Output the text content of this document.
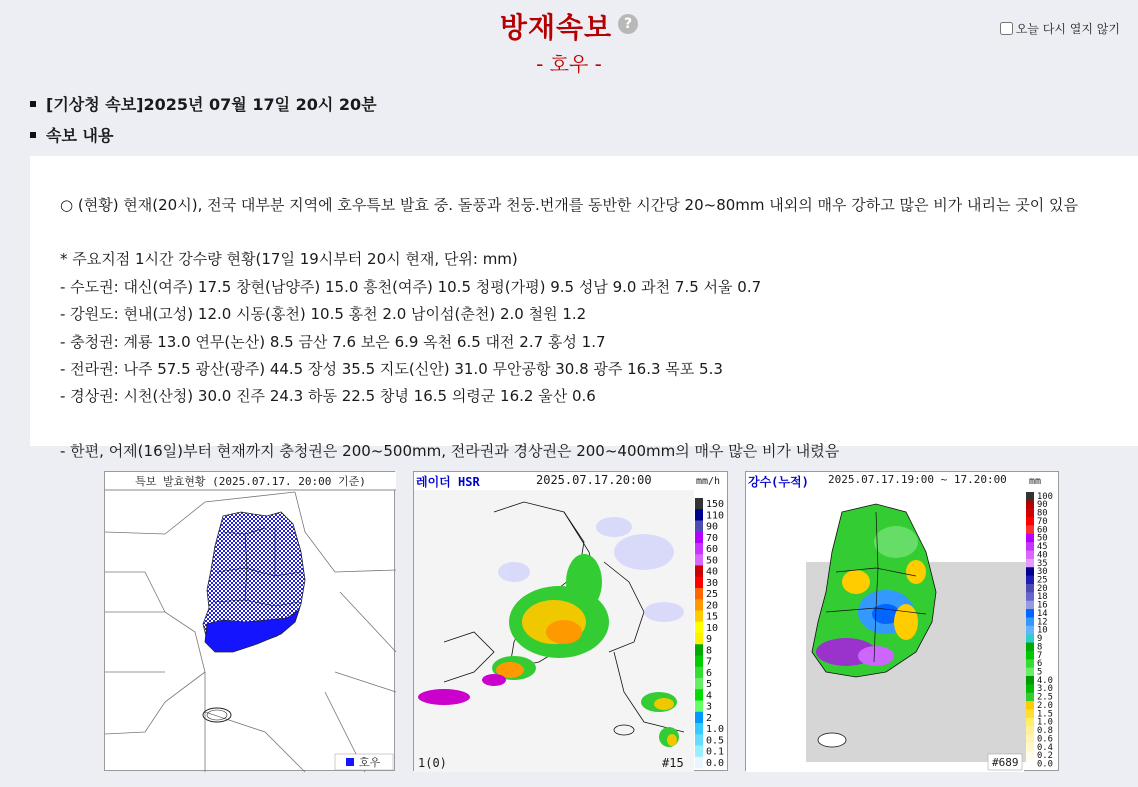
방재속보 ?
- 호우 -
오늘 다시 열지 않기
[기상청 속보]2025년 07월 17일 20시 20분
속보 내용

○ (현황) 현재(20시), 전국 대부분 지역에 호우특보 발효 중. 돌풍과 천둥.번개를 동반한 시간당 20~80mm 내외의 매우 강하고 많은 비가 내리는 곳이 있음

* 주요지점 1시간 강수량 현황(17일 19시부터 20시 현재, 단위: mm)

- 수도권: 대신(여주) 17.5 창현(남양주) 15.0 흥천(여주) 10.5 청평(가평) 9.5 성남 9.0 과천 7.5 서울 0.7

- 강원도: 현내(고성) 12.0 시동(홍천) 10.5 홍천 2.0 남이섬(춘천) 2.0 철원 1.2

- 충청권: 계룡 13.0 연무(논산) 8.5 금산 7.6 보은 6.9 옥천 6.5 대전 2.7 홍성 1.7

- 전라권: 나주 57.5 광산(광주) 44.5 장성 35.5 지도(신안) 31.0 무안공항 30.8 광주 16.3 목포 5.3

- 경상권: 시천(산청) 30.0 진주 24.3 하동 22.5 창녕 16.5 의령군 16.2 울산 0.6

- 한편, 어제(16일)부터 현재까지 충청권은 200~500mm, 전라권과 경상권은 200~400mm의 매우 많은 비가 내렸음

특보 발효현황 (2025.07.17. 20:00 기준)
호우
150
110
90
70
60
50
40
30
25
20
15
10
9
8
7
6
5
4
3
2
1.0
0.5
0.1
0.0
레이더 HSR	2025.07.17.20:00	mm/h
1(0)	#15
100
90
80
70
60
50
45
40
35
30
25
20
18
16
14
12
10
9
8
7
6
5
4.0
3.0
2.5
2.0
1.5
1.0
0.8
0.6
0.4
0.2
0.0
강수(누적) 2025.07.17.19:00 ~ 17.20:00 mm
#689
